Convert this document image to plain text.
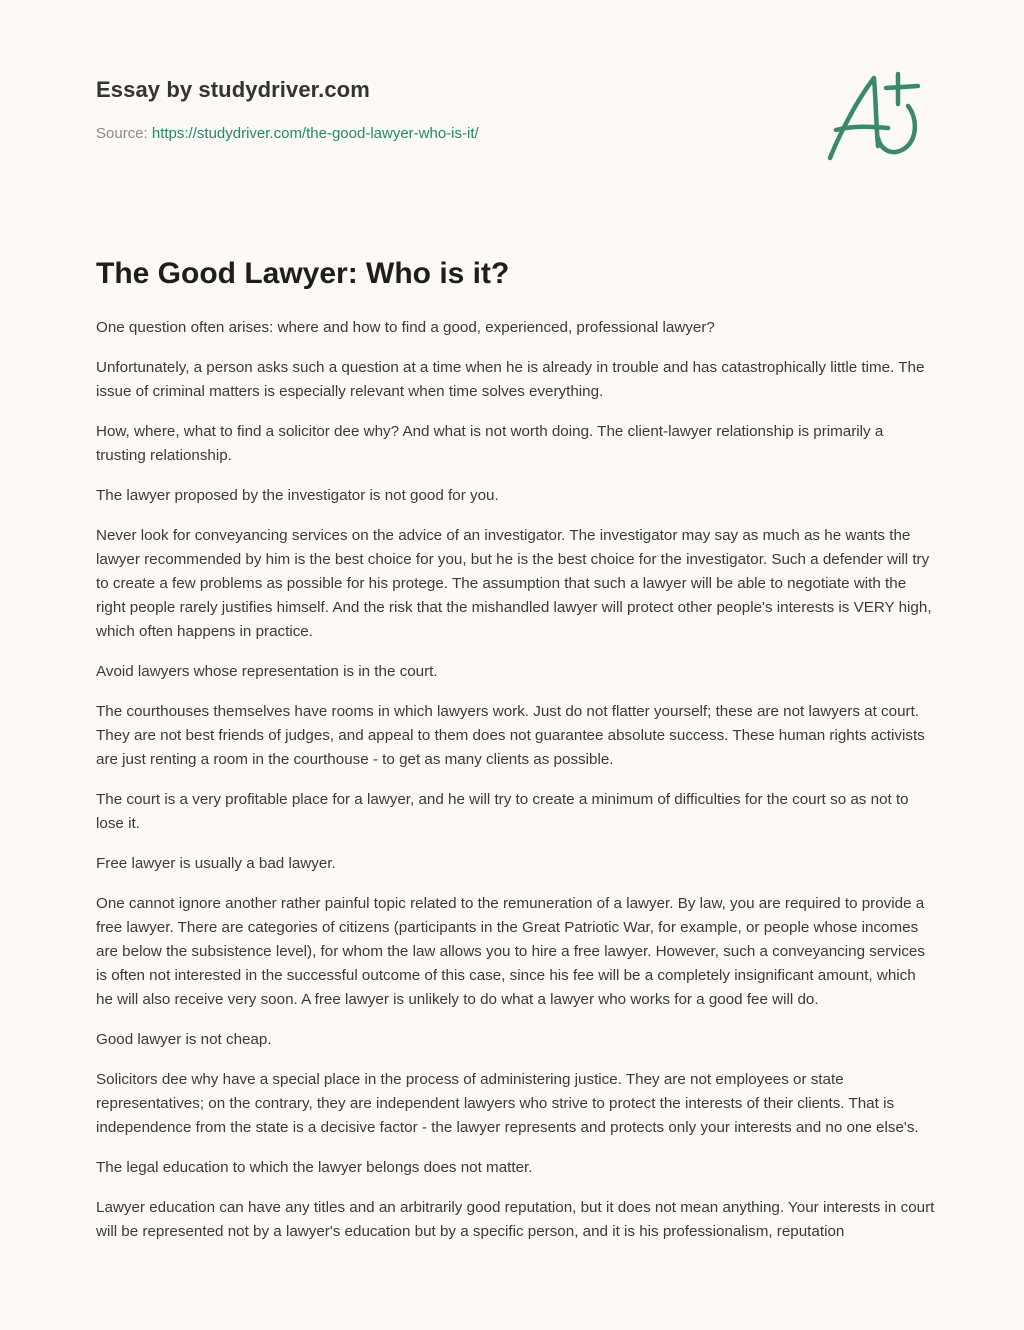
Essay by studydriver.com
Source: https://studydriver.com/the-good-lawyer-who-is-it/
The Good Lawyer: Who is it?

One question often arises: where and how to find a good, experienced, professional lawyer?

Unfortunately, a person asks such a question at a time when he is already in trouble and has catastrophically little time. The issue of criminal matters is especially relevant when time solves everything.

How, where, what to find a solicitor dee why? And what is not worth doing. The client-lawyer relationship is primarily a trusting relationship.

The lawyer proposed by the investigator is not good for you.

Never look for conveyancing services on the advice of an investigator. The investigator may say as much as he wants the lawyer recommended by him is the best choice for you, but he is the best choice for the investigator. Such a defender will try to create a few problems as possible for his protege. The assumption that such a lawyer will be able to negotiate with the right people rarely justifies himself. And the risk that the mishandled lawyer will protect other people's interests is VERY high, which often happens in practice.

Avoid lawyers whose representation is in the court.

The courthouses themselves have rooms in which lawyers work. Just do not flatter yourself; these are not lawyers at court. They are not best friends of judges, and appeal to them does not guarantee absolute success. These human rights activists are just renting a room in the courthouse - to get as many clients as possible.

The court is a very profitable place for a lawyer, and he will try to create a minimum of difficulties for the court so as not to lose it.

Free lawyer is usually a bad lawyer.

One cannot ignore another rather painful topic related to the remuneration of a lawyer. By law, you are required to provide a free lawyer. There are categories of citizens (participants in the Great Patriotic War, for example, or people whose incomes are below the subsistence level), for whom the law allows you to hire a free lawyer. However, such a conveyancing services is often not interested in the successful outcome of this case, since his fee will be a completely insignificant amount, which he will also receive very soon. A free lawyer is unlikely to do what a lawyer who works for a good fee will do.

Good lawyer is not cheap.

Solicitors dee why have a special place in the process of administering justice. They are not employees or state representatives; on the contrary, they are independent lawyers who strive to protect the interests of their clients. That is independence from the state is a decisive factor - the lawyer represents and protects only your interests and no one else's.

The legal education to which the lawyer belongs does not matter.

Lawyer education can have any titles and an arbitrarily good reputation, but it does not mean anything. Your interests in court will be represented not by a lawyer's education but by a specific person, and it is his professionalism, reputation
